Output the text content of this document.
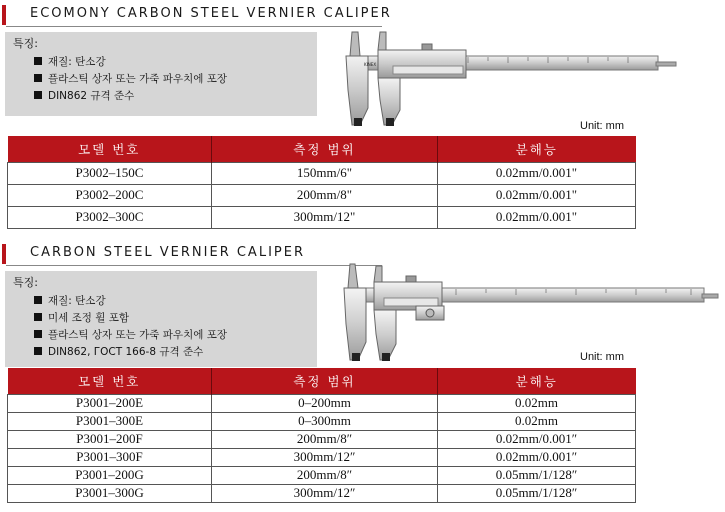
ECOMONY CARBON STEEL VERNIER CALIPER
특징:
재질: 탄소강
플라스틱 상자 또는 가죽 파우치에 포장
DIN862 규격 준수
KINEX
Unit: mm
모델 번호	측정 범위	분해능
P3002–150C	150mm/6"	0.02mm/0.001"
P3002–200C	200mm/8"	0.02mm/0.001"
P3002–300C	300mm/12"	0.02mm/0.001"
CARBON STEEL VERNIER CALIPER
특징:
재질: 탄소강
미세 조정 휠 포함
플라스틱 상자 또는 가죽 파우치에 포장
DIN862, ГОСТ 166-8 규격 준수	Unit: mm
모델 번호	측정 범위	분해능
P3001–200E	0–200mm	0.02mm
P3001–300E	0–300mm	0.02mm
P3001–200F	200mm/8″	0.02mm/0.001″
P3001–300F	300mm/12″	0.02mm/0.001″
P3001–200G	200mm/8″	0.05mm/1/128″
P3001–300G	300mm/12″	0.05mm/1/128″
